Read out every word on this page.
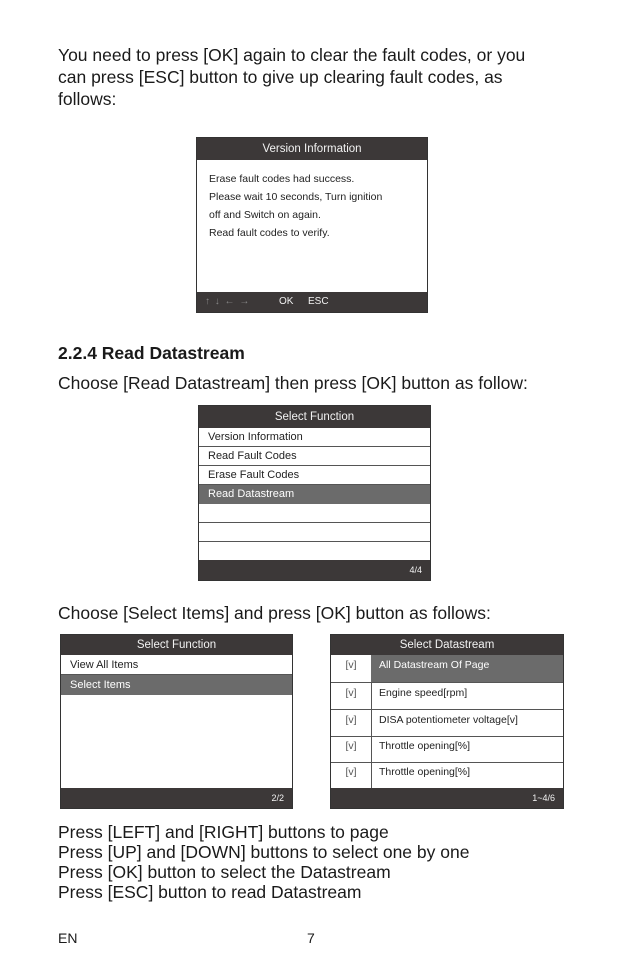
You need to press [OK] again to clear the fault codes, or you
can press [ESC] button to give up clearing fault codes, as
follows:
Version Information
Erase fault codes had success.
Please wait 10 seconds, Turn ignition
off and Switch on again.
Read fault codes to verify.
↑ ↓ ← →	OK ESC
2.2.4 Read Datastream
Choose [Read Datastream] then press [OK] button as follow:
Select Function
Version Information
Read Fault Codes
Erase Fault Codes
Read Datastream
4/4
Choose [Select Items] and press [OK] button as follows:
Select Function
View All Items
Select Items
2/2
Select Datastream
[v]	All Datastream Of Page
[v]	Engine speed[rpm]
[v]	DISA potentiometer voltage[v]
[v]	Throttle opening[%]
[v]	Throttle opening[%]
1~4/6
Press [LEFT] and [RIGHT] buttons to page
Press [UP] and [DOWN] buttons to select one by one
Press [OK] button to select the Datastream
Press [ESC] button to read Datastream
EN	7
